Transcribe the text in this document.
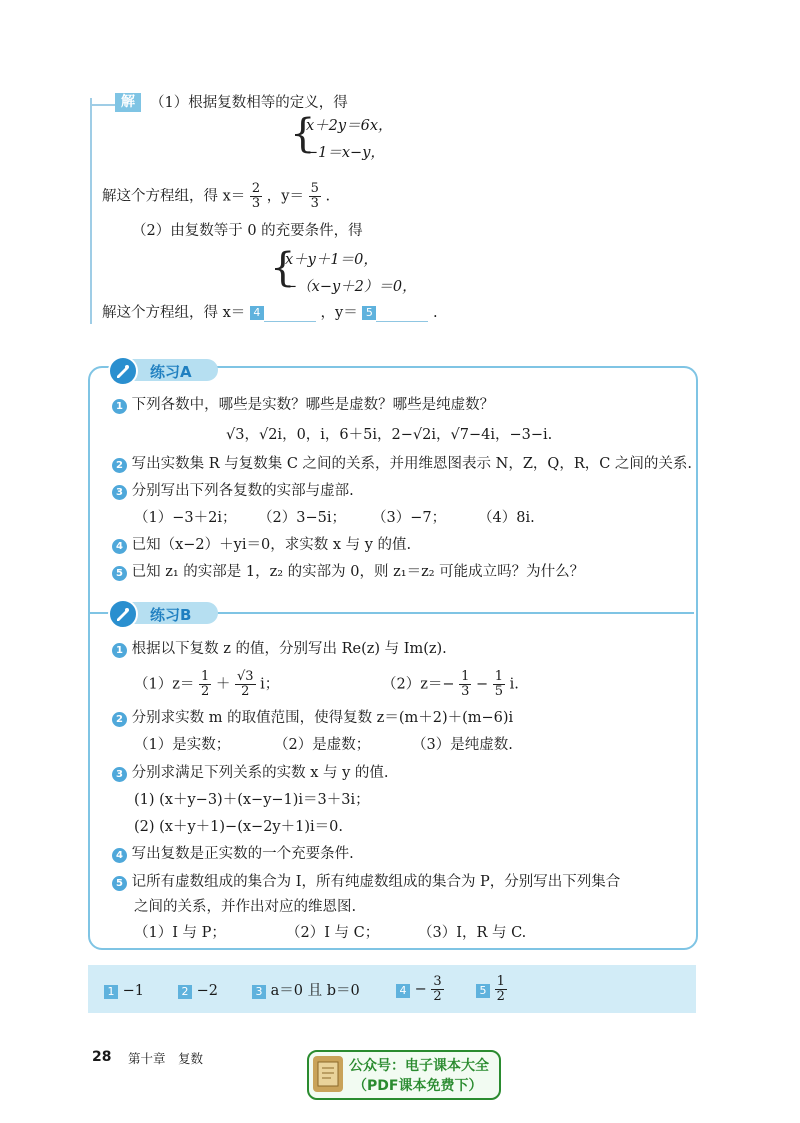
解	（1）根据复数相等的定义，得
{
x＋2y＝6x，
−1＝x−y，
解这个方程组，得 $x= \frac{2}{3}$ ，$y= \frac{5}{3}$ .
（2）由复数等于 0 的充要条件，得
{
x＋y＋1＝0，
−（x−y＋2）＝0，
解这个方程组，得 x＝ 4	，y＝ 5	.
练习A
1 下列各数中，哪些是实数？哪些是虚数？哪些是纯虚数？
√3，√2i，0，i，6＋5i，2−√2i，√7−4i，−3−i.
2 写出实数集 R 与复数集 C 之间的关系，并用维恩图表示 N，Z，Q，R，C 之间的关系.
3 分别写出下列各复数的实部与虚部.
（1）−3＋2i； （2）3−5i； （3）−7； （4）8i.
4 已知（x−2）＋yi＝0，求实数 x 与 y 的值.
5 已知 z₁ 的实部是 1，z₂ 的实部为 0，则 z₁＝z₂ 可能成立吗？为什么？
练习B
1 根据以下复数 z 的值，分别写出 Re(z) 与 Im(z).
$(1)z= \frac{1}{2} + \frac{√3}{2}$ i；	$(2)z=- \frac{1}{3} - \frac{1}{5} i$.
2 分别求实数 m 的取值范围，使得复数 z＝(m＋2)＋(m−6)i
（1）是实数；	（2）是虚数；	（3）是纯虚数.
3 分别求满足下列关系的实数 x 与 y 的值.
(1) (x＋y−3)＋(x−y−1)i＝3＋3i；
(2) (x＋y＋1)−(x−2y＋1)i＝0.
4 写出复数是正实数的一个充要条件.
5 记所有虚数组成的集合为 I，所有纯虚数组成的集合为 P，分别写出下列集合
之间的关系，并作出对应的维恩图.
（1）I 与 P；	（2）I 与 C；	（3）I，R 与 C.
1 −1	2 −2	3 a＝0 且 b＝0	$4 - \frac{3}{2}$	$5 \frac{1}{2}$
28 第十章　复数	公众号：电子课本大全
（PDF课本免费下）
